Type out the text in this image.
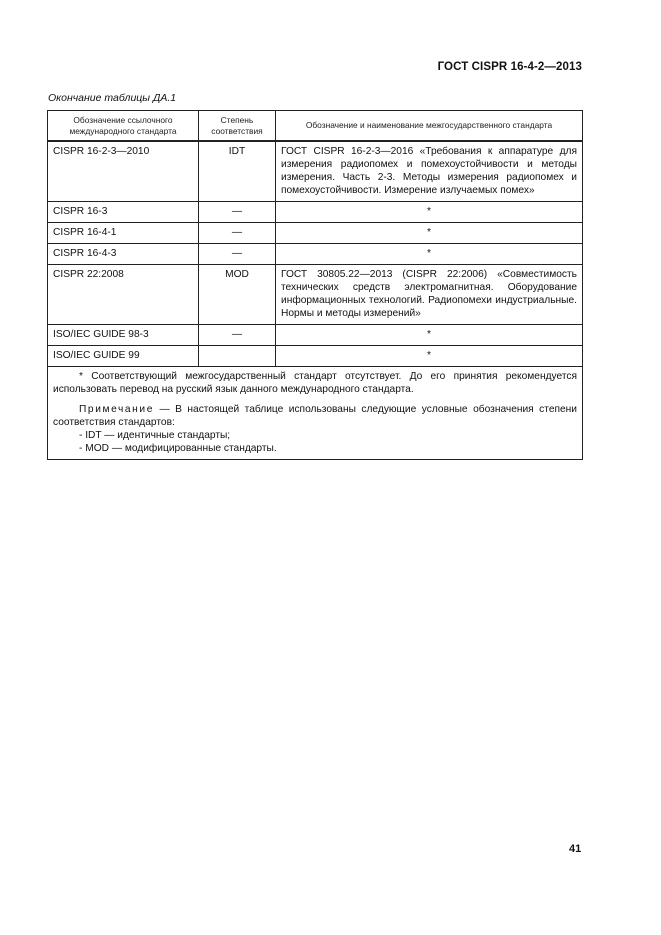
ГОСТ CISPR 16-4-2—2013
Окончание таблицы ДА.1
Обозначение ссылочного международного стандарта	Степень соответствия	Обозначение и наименование межгосударственного стандарта
CISPR 16-2-3—2010	IDT	ГОСТ CISPR 16-2-3—2016 «Требования к аппаратуре для измерения радиопомех и помехоустойчивости и методы измерения. Часть 2-3. Методы измерения радиопомех и помехоустойчивости. Измерение излучаемых помех»
CISPR 16-3	—	*
CISPR 16-4-1	—	*
CISPR 16-4-3	—	*
CISPR 22:2008	MOD	ГОСТ 30805.22—2013 (CISPR 22:2006) «Совместимость технических средств электромагнитная. Оборудование информационных технологий. Радиопомехи индустриальные. Нормы и методы измерений»
ISO/IEC GUIDE 98-3	—	*
ISO/IEC GUIDE 99		*

* Соответствующий межгосударственный стандарт отсутствует. До его принятия рекомендуется использовать перевод на русский язык данного международного стандарта.

Примечание — В настоящей таблице использованы следующие условные обозначения степени соответствия стандартов:

- IDT — идентичные стандарты;
- MOD — модифицированные стандарты.		
41
